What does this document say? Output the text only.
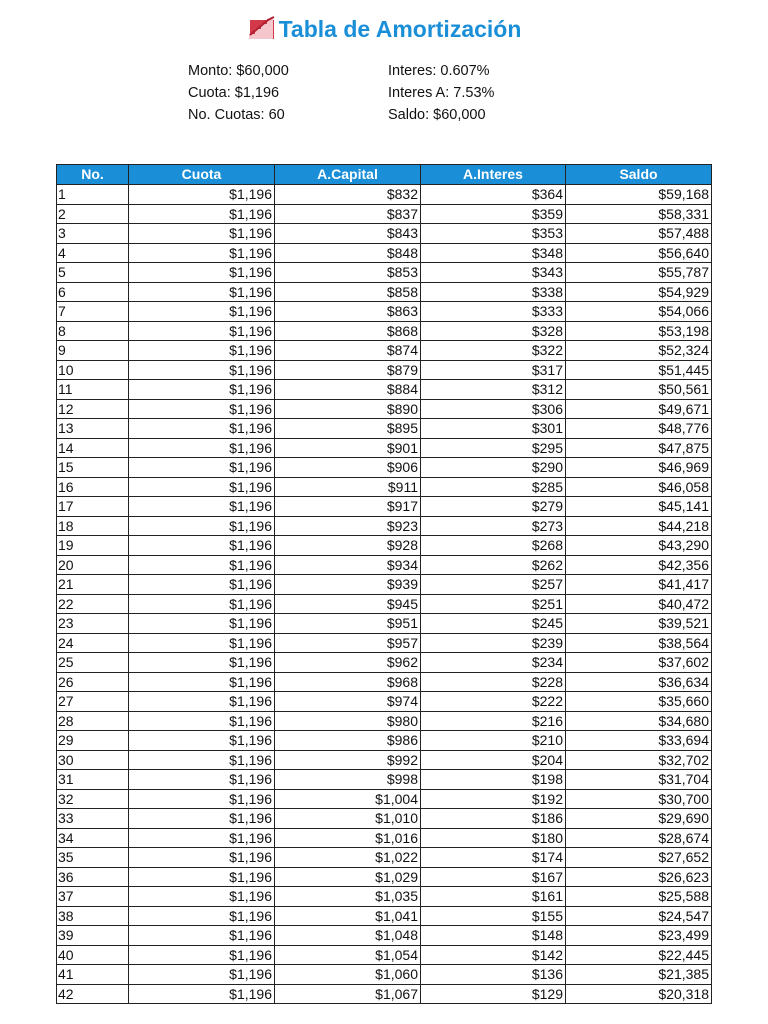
Tabla de Amortización
Monto: $60,000	Interes: 0.607%
Cuota: $1,196	Interes A: 7.53%
No. Cuotas: 60	Saldo: $60,000
No.	Cuota	A.Capital	A.Interes	Saldo
1	$1,196	$832	$364	$59,168
2	$1,196	$837	$359	$58,331
3	$1,196	$843	$353	$57,488
4	$1,196	$848	$348	$56,640
5	$1,196	$853	$343	$55,787
6	$1,196	$858	$338	$54,929
7	$1,196	$863	$333	$54,066
8	$1,196	$868	$328	$53,198
9	$1,196	$874	$322	$52,324
10	$1,196	$879	$317	$51,445
11	$1,196	$884	$312	$50,561
12	$1,196	$890	$306	$49,671
13	$1,196	$895	$301	$48,776
14	$1,196	$901	$295	$47,875
15	$1,196	$906	$290	$46,969
16	$1,196	$911	$285	$46,058
17	$1,196	$917	$279	$45,141
18	$1,196	$923	$273	$44,218
19	$1,196	$928	$268	$43,290
20	$1,196	$934	$262	$42,356
21	$1,196	$939	$257	$41,417
22	$1,196	$945	$251	$40,472
23	$1,196	$951	$245	$39,521
24	$1,196	$957	$239	$38,564
25	$1,196	$962	$234	$37,602
26	$1,196	$968	$228	$36,634
27	$1,196	$974	$222	$35,660
28	$1,196	$980	$216	$34,680
29	$1,196	$986	$210	$33,694
30	$1,196	$992	$204	$32,702
31	$1,196	$998	$198	$31,704
32	$1,196	$1,004	$192	$30,700
33	$1,196	$1,010	$186	$29,690
34	$1,196	$1,016	$180	$28,674
35	$1,196	$1,022	$174	$27,652
36	$1,196	$1,029	$167	$26,623
37	$1,196	$1,035	$161	$25,588
38	$1,196	$1,041	$155	$24,547
39	$1,196	$1,048	$148	$23,499
40	$1,196	$1,054	$142	$22,445
41	$1,196	$1,060	$136	$21,385
42	$1,196	$1,067	$129	$20,318
